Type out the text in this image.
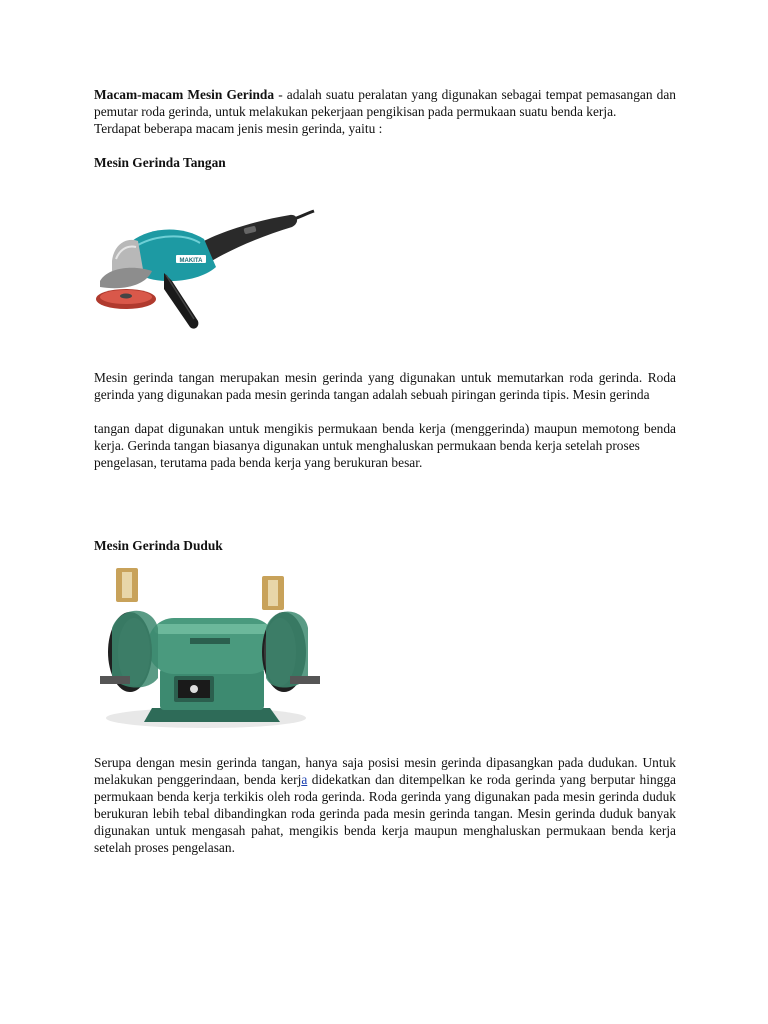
Macam-macam Mesin Gerinda - adalah suatu peralatan yang digunakan sebagai tempat pemasangan dan pemutar roda gerinda, untuk melakukan pekerjaan pengikisan pada permukaan suatu benda kerja.

Terdapat beberapa macam jenis mesin gerinda, yaitu :

Mesin Gerinda Tangan
MAKITA

Mesin gerinda tangan merupakan mesin gerinda yang digunakan untuk memutarkan roda gerinda. Roda gerinda yang digunakan pada mesin gerinda tangan adalah sebuah piringan gerinda tipis. Mesin gerinda

tangan dapat digunakan untuk mengikis permukaan benda kerja (menggerinda) maupun memotong benda kerja. Gerinda tangan biasanya digunakan untuk menghaluskan permukaan benda kerja setelah proses

pengelasan, terutama pada benda kerja yang berukuran besar.

Mesin Gerinda Duduk

Serupa dengan mesin gerinda tangan, hanya saja posisi mesin gerinda dipasangkan pada dudukan. Untuk melakukan penggerindaan, benda kerja didekatkan dan ditempelkan ke roda gerinda yang berputar hingga permukaan benda kerja terkikis oleh roda gerinda. Roda gerinda yang digunakan pada mesin gerinda duduk berukuran lebih tebal dibandingkan roda gerinda pada mesin gerinda tangan. Mesin gerinda duduk banyak digunakan untuk mengasah pahat, mengikis benda kerja maupun menghaluskan permukaan benda kerja setelah proses pengelasan.
